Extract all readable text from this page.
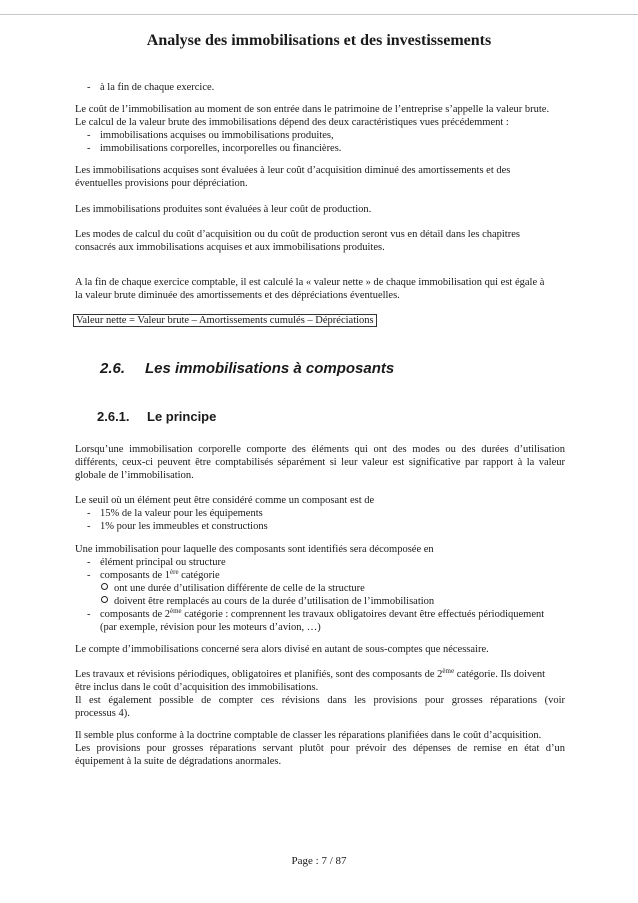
Analyse des immobilisations et des investissements
- à la fin de chaque exercice.
Le coût de l’immobilisation au moment de son entrée dans le patrimoine de l’entreprise s’appelle la valeur brute.
Le calcul de la valeur brute des immobilisations dépend des deux caractéristiques vues précédemment :
- immobilisations acquises ou immobilisations produites,
- immobilisations corporelles, incorporelles ou financières.
Les immobilisations acquises sont évaluées à leur coût d’acquisition diminué des amortissements et des
éventuelles provisions pour dépréciation.
Les immobilisations produites sont évaluées à leur coût de production.
Les modes de calcul du coût d’acquisition ou du coût de production seront vus en détail dans les chapitres
consacrés aux immobilisations acquises et aux immobilisations produites.
A la fin de chaque exercice comptable, il est calculé la « valeur nette » de chaque immobilisation qui est égale à
la valeur brute diminuée des amortissements et des dépréciations éventuelles.
Valeur nette = Valeur brute – Amortissements cumulés – Dépréciations
2.6. Les immobilisations à composants
2.6.1. Le principe
Lorsqu’une immobilisation corporelle comporte des éléments qui ont des modes ou des durées d’utilisation
différents, ceux-ci peuvent être comptabilisés séparément si leur valeur est significative par rapport à la valeur
globale de l’immobilisation.
Le seuil où un élément peut être considéré comme un composant est de
- 15% de la valeur pour les équipements
- 1% pour les immeubles et constructions
Une immobilisation pour laquelle des composants sont identifiés sera décomposée en
- élément principal ou structure
- composants de 1ère catégorie
ont une durée d’utilisation différente de celle de la structure
doivent être remplacés au cours de la durée d’utilisation de l’immobilisation
- composants de 2ème catégorie : comprennent les travaux obligatoires devant être effectués périodiquement
(par exemple, révision pour les moteurs d’avion, …)
Le compte d’immobilisations concerné sera alors divisé en autant de sous-comptes que nécessaire.
Les travaux et révisions périodiques, obligatoires et planifiés, sont des composants de 2ème catégorie. Ils doivent
être inclus dans le coût d’acquisition des immobilisations.
Il est également possible de compter ces révisions dans les provisions pour grosses réparations (voir
processus 4).
Il semble plus conforme à la doctrine comptable de classer les réparations planifiées dans le coût d’acquisition.
Les provisions pour grosses réparations servant plutôt pour prévoir des dépenses de remise en état d’un
équipement à la suite de dégradations anormales.
Page : 7 / 87
